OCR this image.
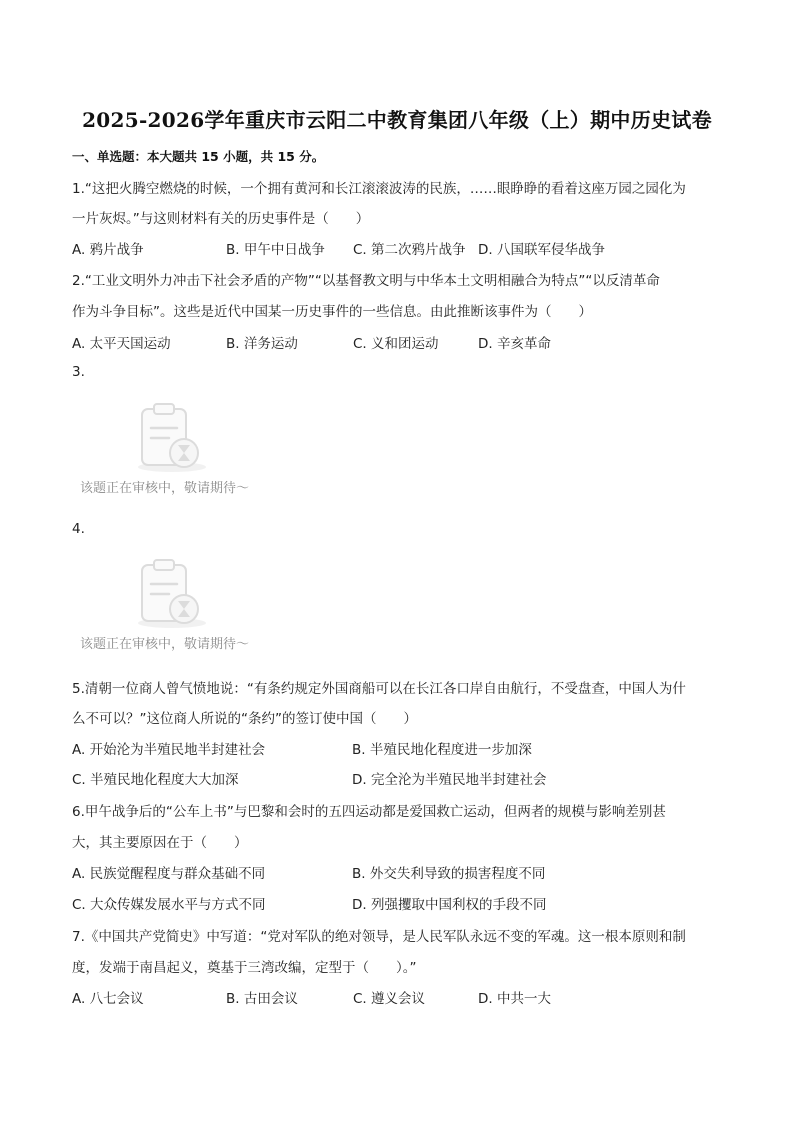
2025-2026学年重庆市云阳二中教育集团八年级（上）期中历史试卷
一、单选题：本大题共 15 小题，共 15 分。
1.“这把火腾空燃烧的时候，一个拥有黄河和长江滚滚波涛的民族，……眼睁睁的看着这座万园之园化为
一片灰烬。”与这则材料有关的历史事件是（　　）
A. 鸦片战争	B. 甲午中日战争 C. 第二次鸦片战争 D. 八国联军侵华战争
2.“工业文明外力冲击下社会矛盾的产物”“以基督教文明与中华本土文明相融合为特点”“以反清革命
作为斗争目标”。这些是近代中国某一历史事件的一些信息。由此推断该事件为（　　）
A. 太平天国运动	B. 洋务运动	C. 义和团运动	D. 辛亥革命
3.
该题正在审核中，敬请期待～
4.
该题正在审核中，敬请期待～
5.清朝一位商人曾气愤地说：“有条约规定外国商船可以在长江各口岸自由航行，不受盘查，中国人为什
么不可以？”这位商人所说的“条约”的签订使中国（　　）
A. 开始沦为半殖民地半封建社会	B. 半殖民地化程度进一步加深
C. 半殖民地化程度大大加深	D. 完全沦为半殖民地半封建社会
6.甲午战争后的“公车上书”与巴黎和会时的五四运动都是爱国救亡运动，但两者的规模与影响差别甚
大，其主要原因在于（　　）
A. 民族觉醒程度与群众基础不同	B. 外交失利导致的损害程度不同
C. 大众传媒发展水平与方式不同	D. 列强攫取中国利权的手段不同
7.《中国共产党简史》中写道：“党对军队的绝对领导，是人民军队永远不变的军魂。这一根本原则和制
度，发端于南昌起义，奠基于三湾改编，定型于（　　）。”
A. 八七会议	B. 古田会议	C. 遵义会议	D. 中共一大
